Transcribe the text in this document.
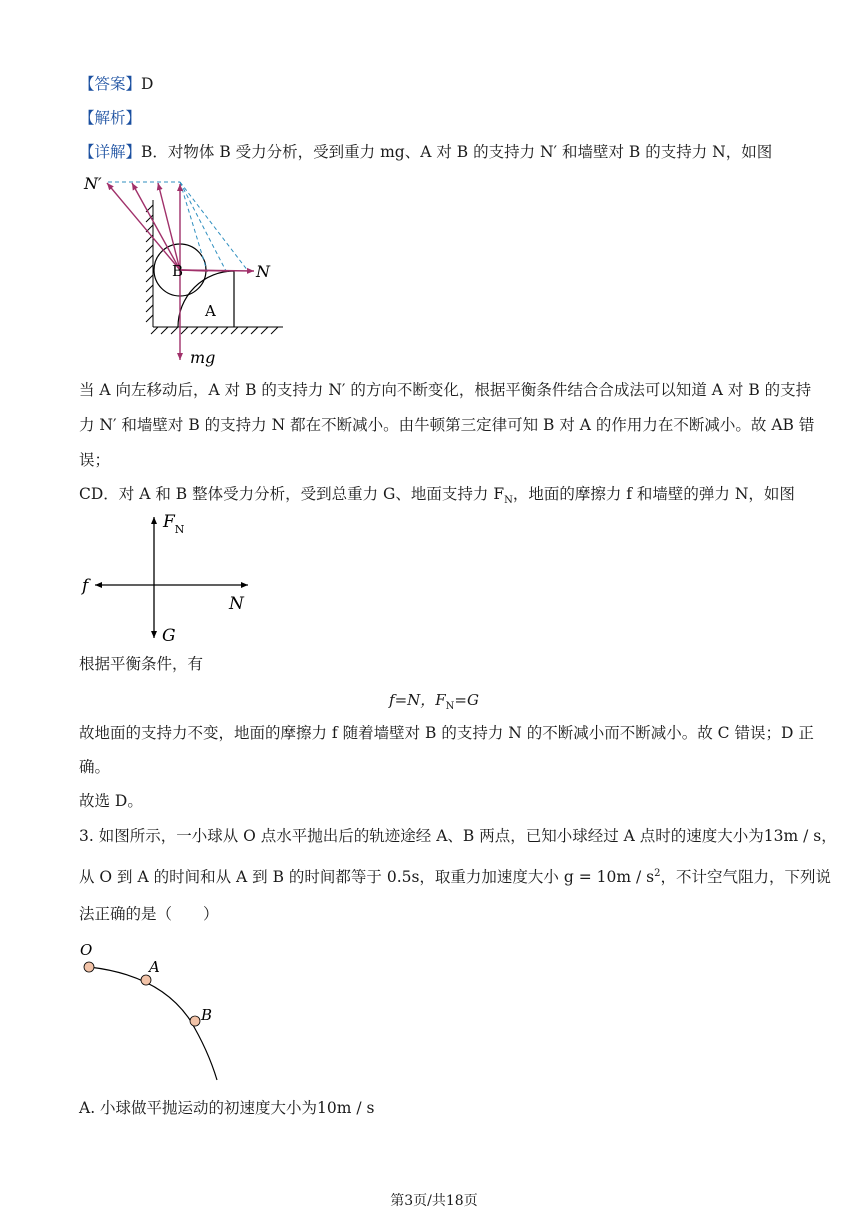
【答案】D
【解析】
【详解】B．对物体 B 受力分析，受到重力 mg、A 对 B 的支持力 N′ 和墙壁对 B 的支持力 N，如图
当 A 向左移动后，A 对 B 的支持力 N′ 的方向不断变化，根据平衡条件结合合成法可以知道 A 对 B 的支持
力 N′ 和墙壁对 B 的支持力 N 都在不断减小。由牛顿第三定律可知 B 对 A 的作用力在不断减小。故 AB 错
误；
CD．对 A 和 B 整体受力分析，受到总重力 G、地面支持力 $F_N$，地面的摩擦力 f 和墙壁的弹力 N，如图
根据平衡条件，有
f=N，$F_N=G$
故地面的支持力不变，地面的摩擦力 f 随着墙壁对 B 的支持力 N 的不断减小而不断减小。故 C 错误；D 正
确。
故选 D。
3. 如图所示，一小球从 O 点水平抛出后的轨迹途经 A、B 两点，已知小球经过 A 点时的速度大小为13m / s，
从 O 到 A 的时间和从 A 到 B 的时间都等于 0.5s，取重力加速度大小 $g = 10m / s^2$，不计空气阻力，下列说
法正确的是（　　）
A. 小球做平抛运动的初速度大小为10m / s
第3页/共18页
N′
B	N
A
mg
$F_N$
f
N
G
O
A
B
